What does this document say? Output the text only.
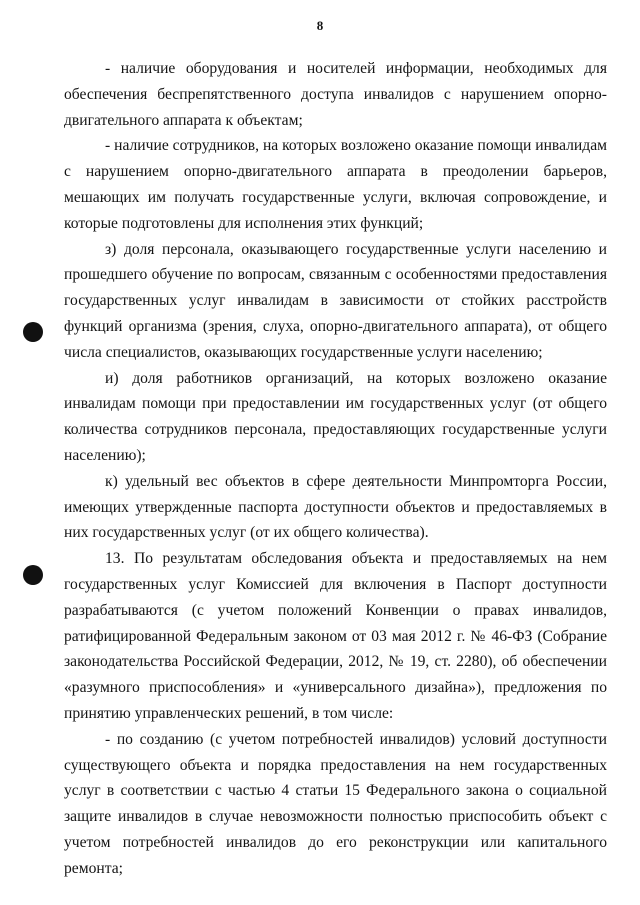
8

- наличие оборудования и носителей информации, необходимых для обеспечения беспрепятственного доступа инвалидов с нарушением опорно-двигательного аппарата к объектам;

- наличие сотрудников, на которых возложено оказание помощи инвалидам с нарушением опорно-двигательного аппарата в преодолении барьеров, мешающих им получать государственные услуги, включая сопровождение, и которые подготовлены для исполнения этих функций;

з) доля персонала, оказывающего государственные услуги населению и прошедшего обучение по вопросам, связанным с особенностями предоставления государственных услуг инвалидам в зависимости от стойких расстройств функций организма (зрения, слуха, опорно-двигательного аппарата), от общего числа специалистов, оказывающих государственные услуги населению;

и) доля работников организаций, на которых возложено оказание инвалидам помощи при предоставлении им государственных услуг (от общего количества сотрудников персонала, предоставляющих государственные услуги населению);

к) удельный вес объектов в сфере деятельности Минпромторга России, имеющих утвержденные паспорта доступности объектов и предоставляемых в них государственных услуг (от их общего количества).

13. По результатам обследования объекта и предоставляемых на нем государственных услуг Комиссией для включения в Паспорт доступности разрабатываются (с учетом положений Конвенции о правах инвалидов, ратифицированной Федеральным законом от 03 мая 2012 г. № 46-ФЗ (Собрание законодательства Российской Федерации, 2012, № 19, ст. 2280), об обеспечении «разумного приспособления» и «универсального дизайна»), предложения по принятию управленческих решений, в том числе:

- по созданию (с учетом потребностей инвалидов) условий доступности существующего объекта и порядка предоставления на нем государственных услуг в соответствии с частью 4 статьи 15 Федерального закона о социальной защите инвалидов в случае невозможности полностью приспособить объект с учетом потребностей инвалидов до его реконструкции или капитального ремонта;
